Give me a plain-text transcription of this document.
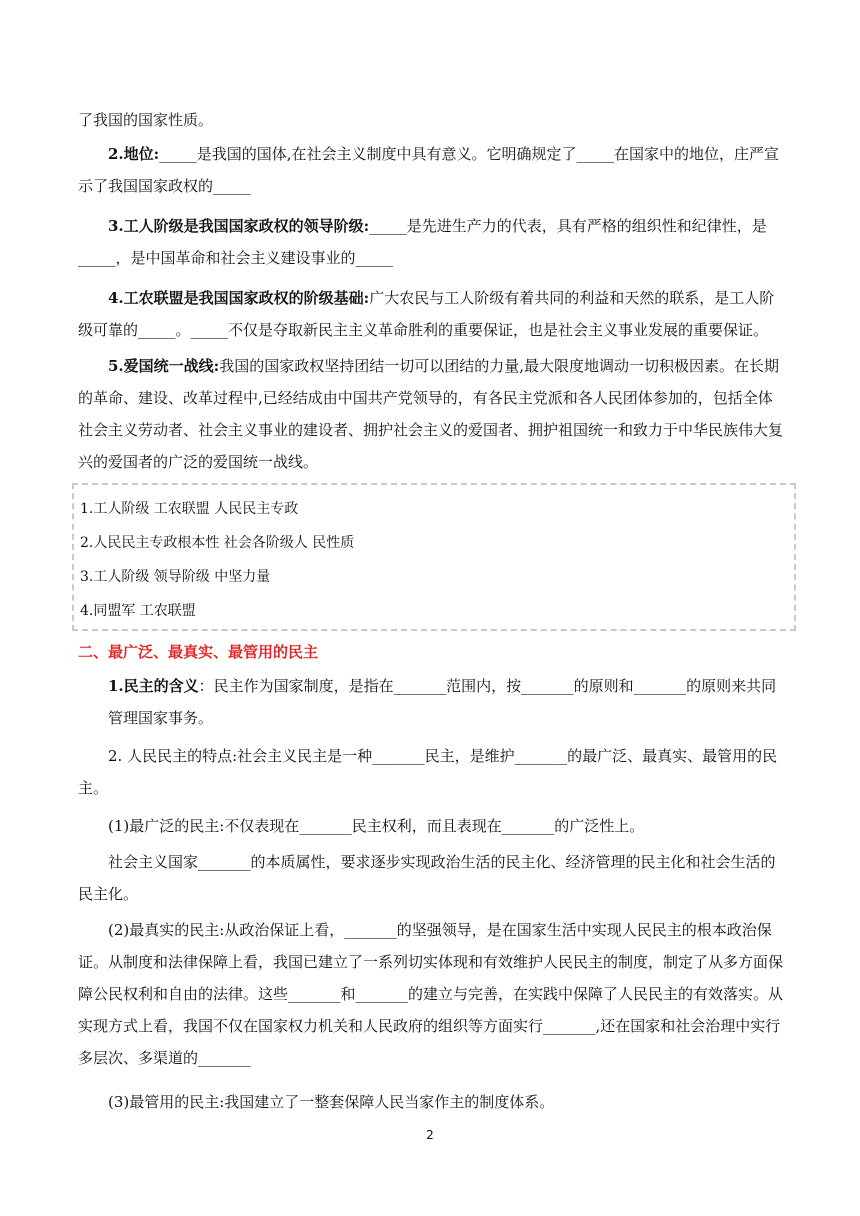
了我国的国家性质。

2.地位:_____是我国的国体,在社会主义制度中具有意义。它明确规定了_____在国家中的地位，庄严宣示了我国国家政权的_____

3.工人阶级是我国国家政权的领导阶级:_____是先进生产力的代表，具有严格的组织性和纪律性，是_____，是中国革命和社会主义建设事业的_____

4.工农联盟是我国国家政权的阶级基础:广大农民与工人阶级有着共同的利益和天然的联系，是工人阶级可靠的_____。_____不仅是夺取新民主主义革命胜利的重要保证，也是社会主义事业发展的重要保证。

5.爱国统一战线:我国的国家政权坚持团结一切可以团结的力量,最大限度地调动一切积极因素。在长期的革命、建设、改革过程中,已经结成由中国共产党领导的，有各民主党派和各人民团体参加的，包括全体社会主义劳动者、社会主义事业的建设者、拥护社会主义的爱国者、拥护祖国统一和致力于中华民族伟大复兴的爱国者的广泛的爱国统一战线。

1.工人阶级 工农联盟 人民民主专政

2.人民民主专政根本性 社会各阶级人 民性质

3.工人阶级 领导阶级 中坚力量

4.同盟军 工农联盟

二、最广泛、最真实、最管用的民主

1.民主的含义：民主作为国家制度，是指在_______范围内，按_______的原则和_______的原则来共同管理国家事务。

2. 人民民主的特点:社会主义民主是一种_______民主，是维护_______的最广泛、最真实、最管用的民主。

(1)最广泛的民主:不仅表现在_______民主权利，而且表现在_______的广泛性上。

社会主义国家_______的本质属性，要求逐步实现政治生活的民主化、经济管理的民主化和社会生活的民主化。

(2)最真实的民主:从政治保证上看，_______的坚强领导，是在国家生活中实现人民民主的根本政治保证。从制度和法律保障上看，我国已建立了一系列切实体现和有效维护人民民主的制度，制定了从多方面保障公民权利和自由的法律。这些_______和_______的建立与完善，在实践中保障了人民民主的有效落实。从实现方式上看，我国不仅在国家权力机关和人民政府的组织等方面实行_______,还在国家和社会治理中实行多层次、多渠道的_______

(3)最管用的民主:我国建立了一整套保障人民当家作主的制度体系。

2
